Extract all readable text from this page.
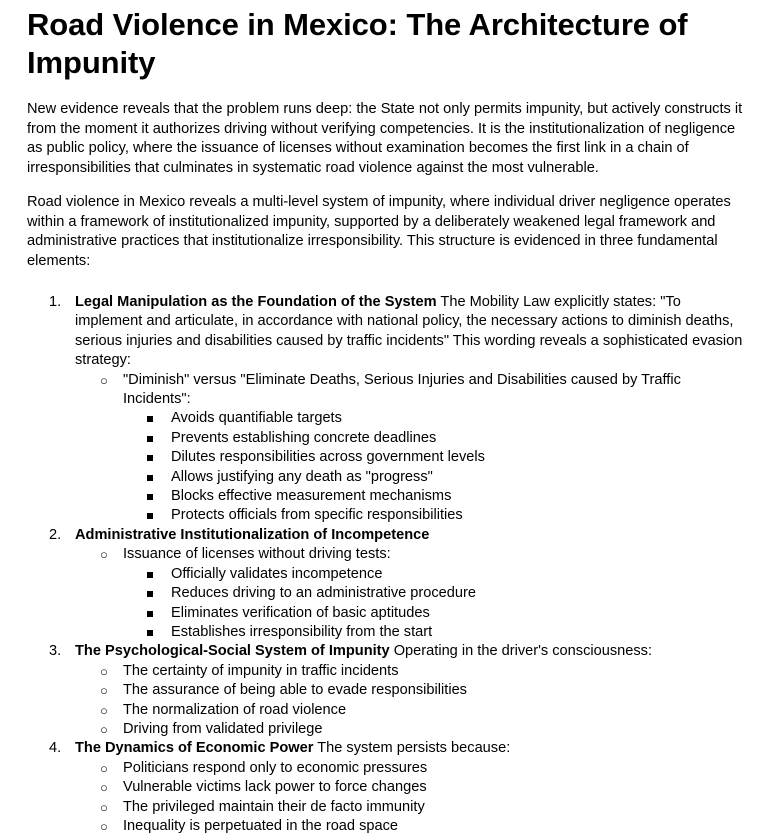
Road Violence in Mexico: The Architecture of Impunity

New evidence reveals that the problem runs deep: the State not only permits impunity, but actively constructs it from the moment it authorizes driving without verifying competencies. It is the institutionalization of negligence as public policy, where the issuance of licenses without examination becomes the first link in a chain of irresponsibilities that culminates in systematic road violence against the most vulnerable.

Road violence in Mexico reveals a multi-level system of impunity, where individual driver negligence operates within a framework of institutionalized impunity, supported by a deliberately weakened legal framework and administrative practices that institutionalize irresponsibility. This structure is evidenced in three fundamental elements:

1. Legal Manipulation as the Foundation of the System The Mobility Law explicitly states: "To implement and articulate, in accordance with national policy, the necessary actions to diminish deaths, serious injuries and disabilities caused by traffic incidents" This wording reveals a sophisticated evasion strategy:
○ "Diminish" versus "Eliminate Deaths, Serious Injuries and Disabilities caused by Traffic Incidents":
Avoids quantifiable targets
Prevents establishing concrete deadlines
Dilutes responsibilities across government levels
Allows justifying any death as "progress"
Blocks effective measurement mechanisms
Protects officials from specific responsibilities
2. Administrative Institutionalization of Incompetence
○ Issuance of licenses without driving tests:
Officially validates incompetence
Reduces driving to an administrative procedure
Eliminates verification of basic aptitudes
Establishes irresponsibility from the start
3. The Psychological-Social System of Impunity Operating in the driver's consciousness:
○ The certainty of impunity in traffic incidents
○ The assurance of being able to evade responsibilities
○ The normalization of road violence
○ Driving from validated privilege
4. The Dynamics of Economic Power The system persists because:
○ Politicians respond only to economic pressures
○ Vulnerable victims lack power to force changes
○ The privileged maintain their de facto immunity
○ Inequality is perpetuated in the road space
